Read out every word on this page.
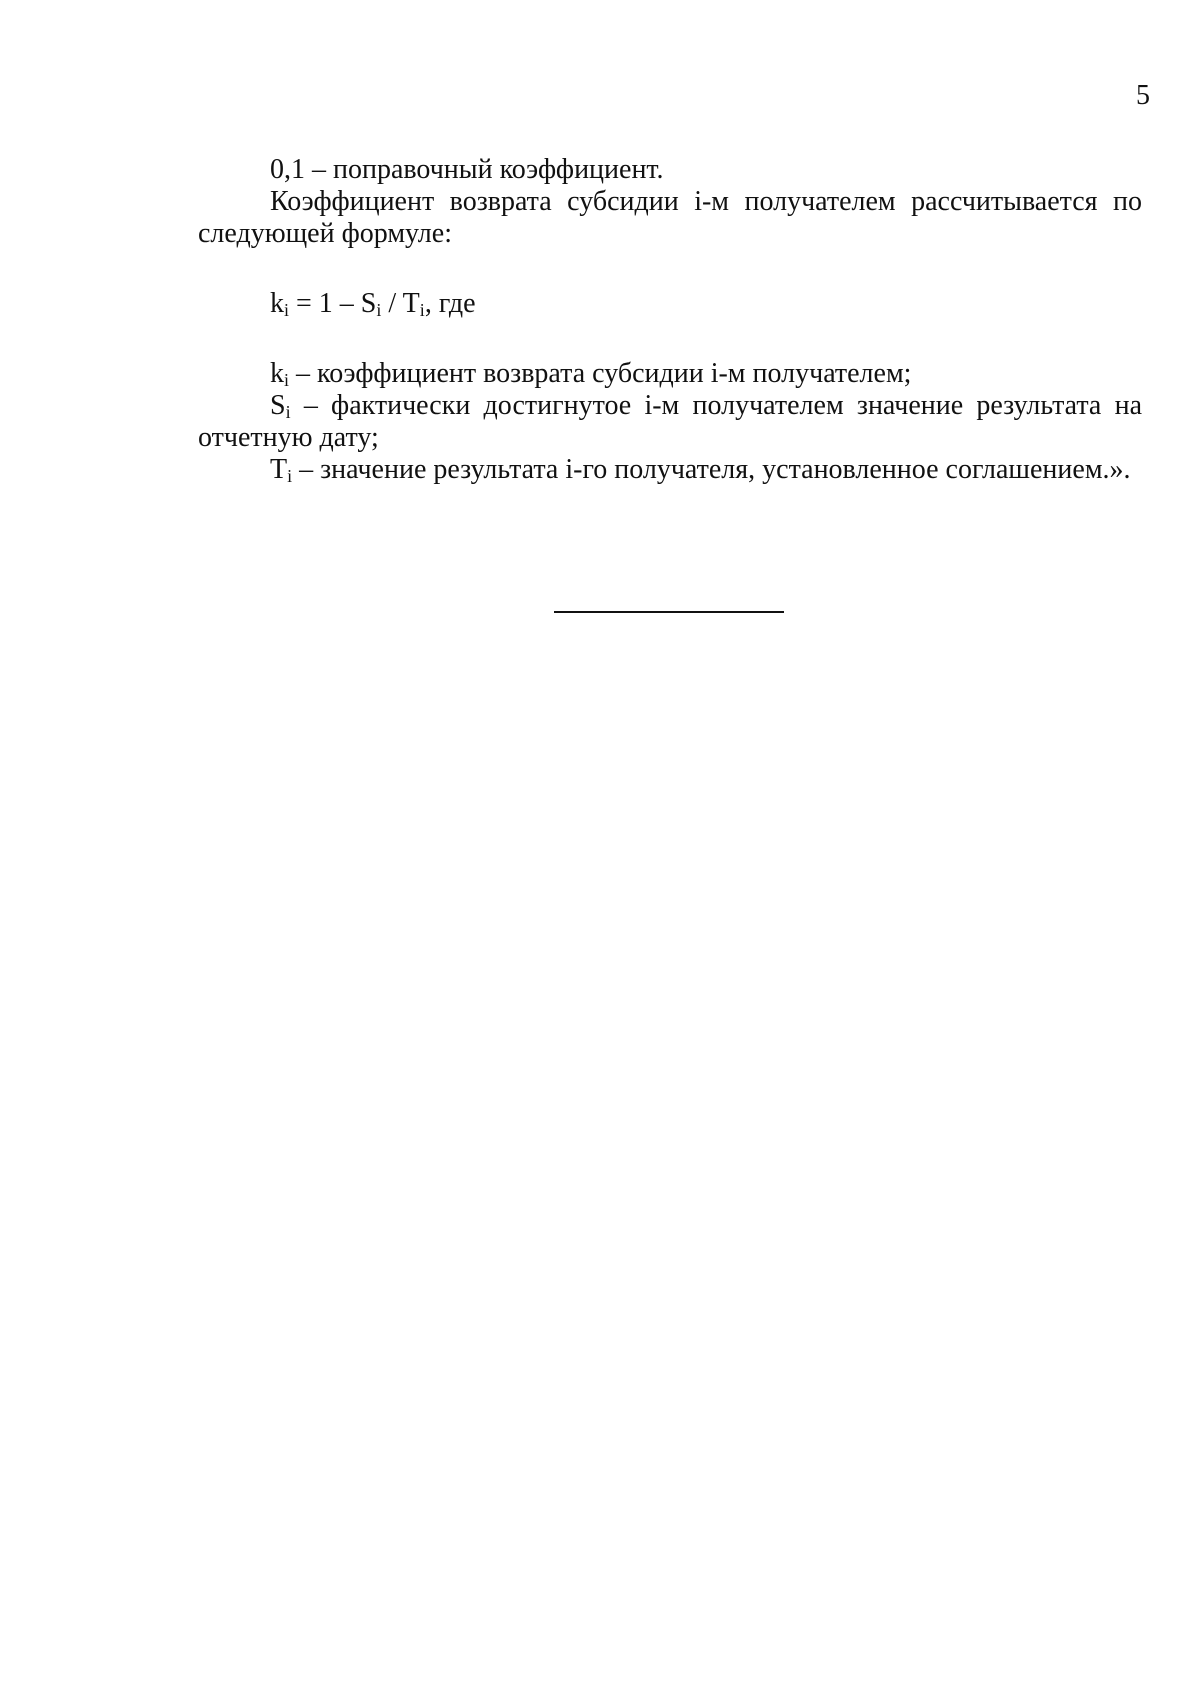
5

0,1 – поправочный коэффициент.

Коэффициент возврата субсидии i-м получателем рассчитывается по следующей формуле:

$k_i = 1 - S_i / T_i$, где

$k_i$ – коэффициент возврата субсидии i-м получателем;

$S_i$ – фактически достигнутое i-м получателем значение результата на отчетную дату;

$T_i$ – значение результата i-го получателя, установленное соглашением.».
